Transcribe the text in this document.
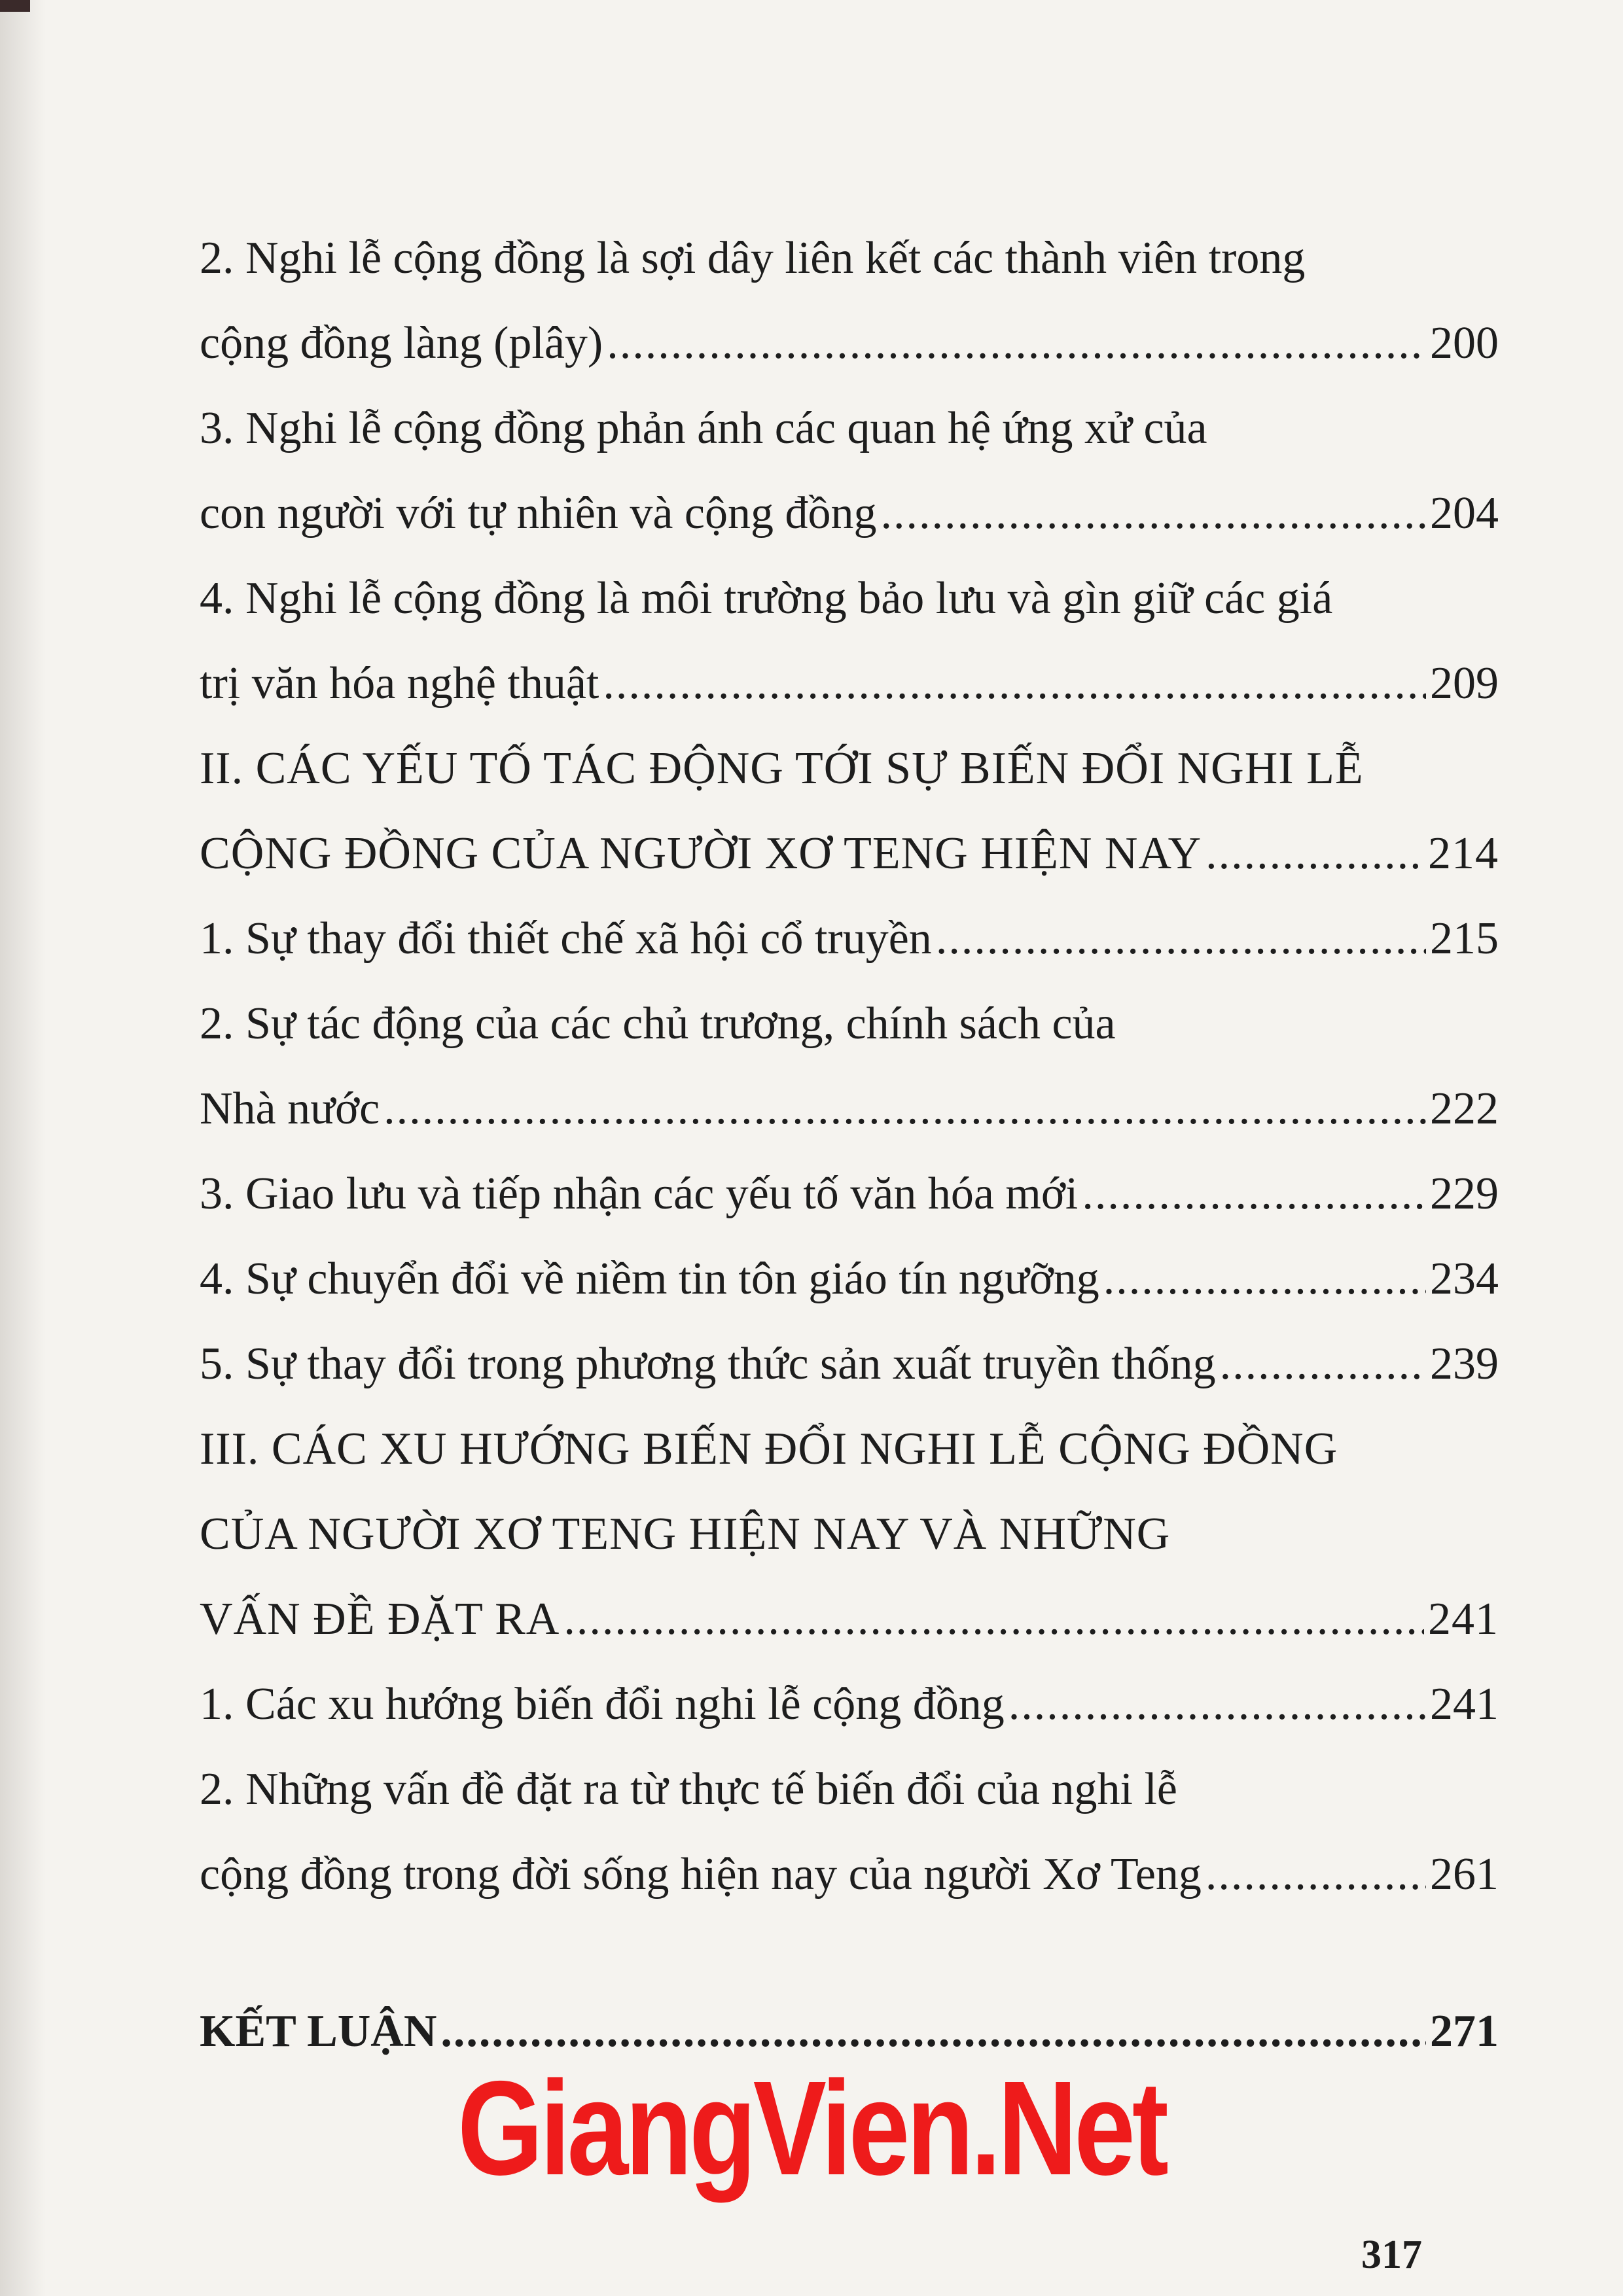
2. Nghi lễ cộng đồng là sợi dây liên kết các thành viên trong
cộng đồng làng (plây) .....	200
3. Nghi lễ cộng đồng phản ánh các quan hệ ứng xử của
con người với tự nhiên và cộng đồng .....	204
4. Nghi lễ cộng đồng là môi trường bảo lưu và gìn giữ các giá
trị văn hóa nghệ thuật .....	209
II. CÁC YẾU TỐ TÁC ĐỘNG TỚI SỰ BIẾN ĐỔI NGHI LỄ
CỘNG ĐỒNG CỦA NGƯỜI XƠ TENG HIỆN NAY .....	214
1. Sự thay đổi thiết chế xã hội cổ truyền .....	215
2. Sự tác động của các chủ trương, chính sách của
Nhà nước .....	222
3. Giao lưu và tiếp nhận các yếu tố văn hóa mới .....	229
4. Sự chuyển đổi về niềm tin tôn giáo tín ngưỡng .....	234
5. Sự thay đổi trong phương thức sản xuất truyền thống .....	239
III. CÁC XU HƯỚNG BIẾN ĐỔI NGHI LỄ CỘNG ĐỒNG
CỦA NGƯỜI XƠ TENG HIỆN NAY VÀ NHỮNG
VẤN ĐỀ ĐẶT RA .....	241
1. Các xu hướng biến đổi nghi lễ cộng đồng .....	241
2. Những vấn đề đặt ra từ thực tế biến đổi của nghi lễ
cộng đồng trong đời sống hiện nay của người Xơ Teng .....	261
KẾT LUẬN .....	271
GiangVien.Net
317
